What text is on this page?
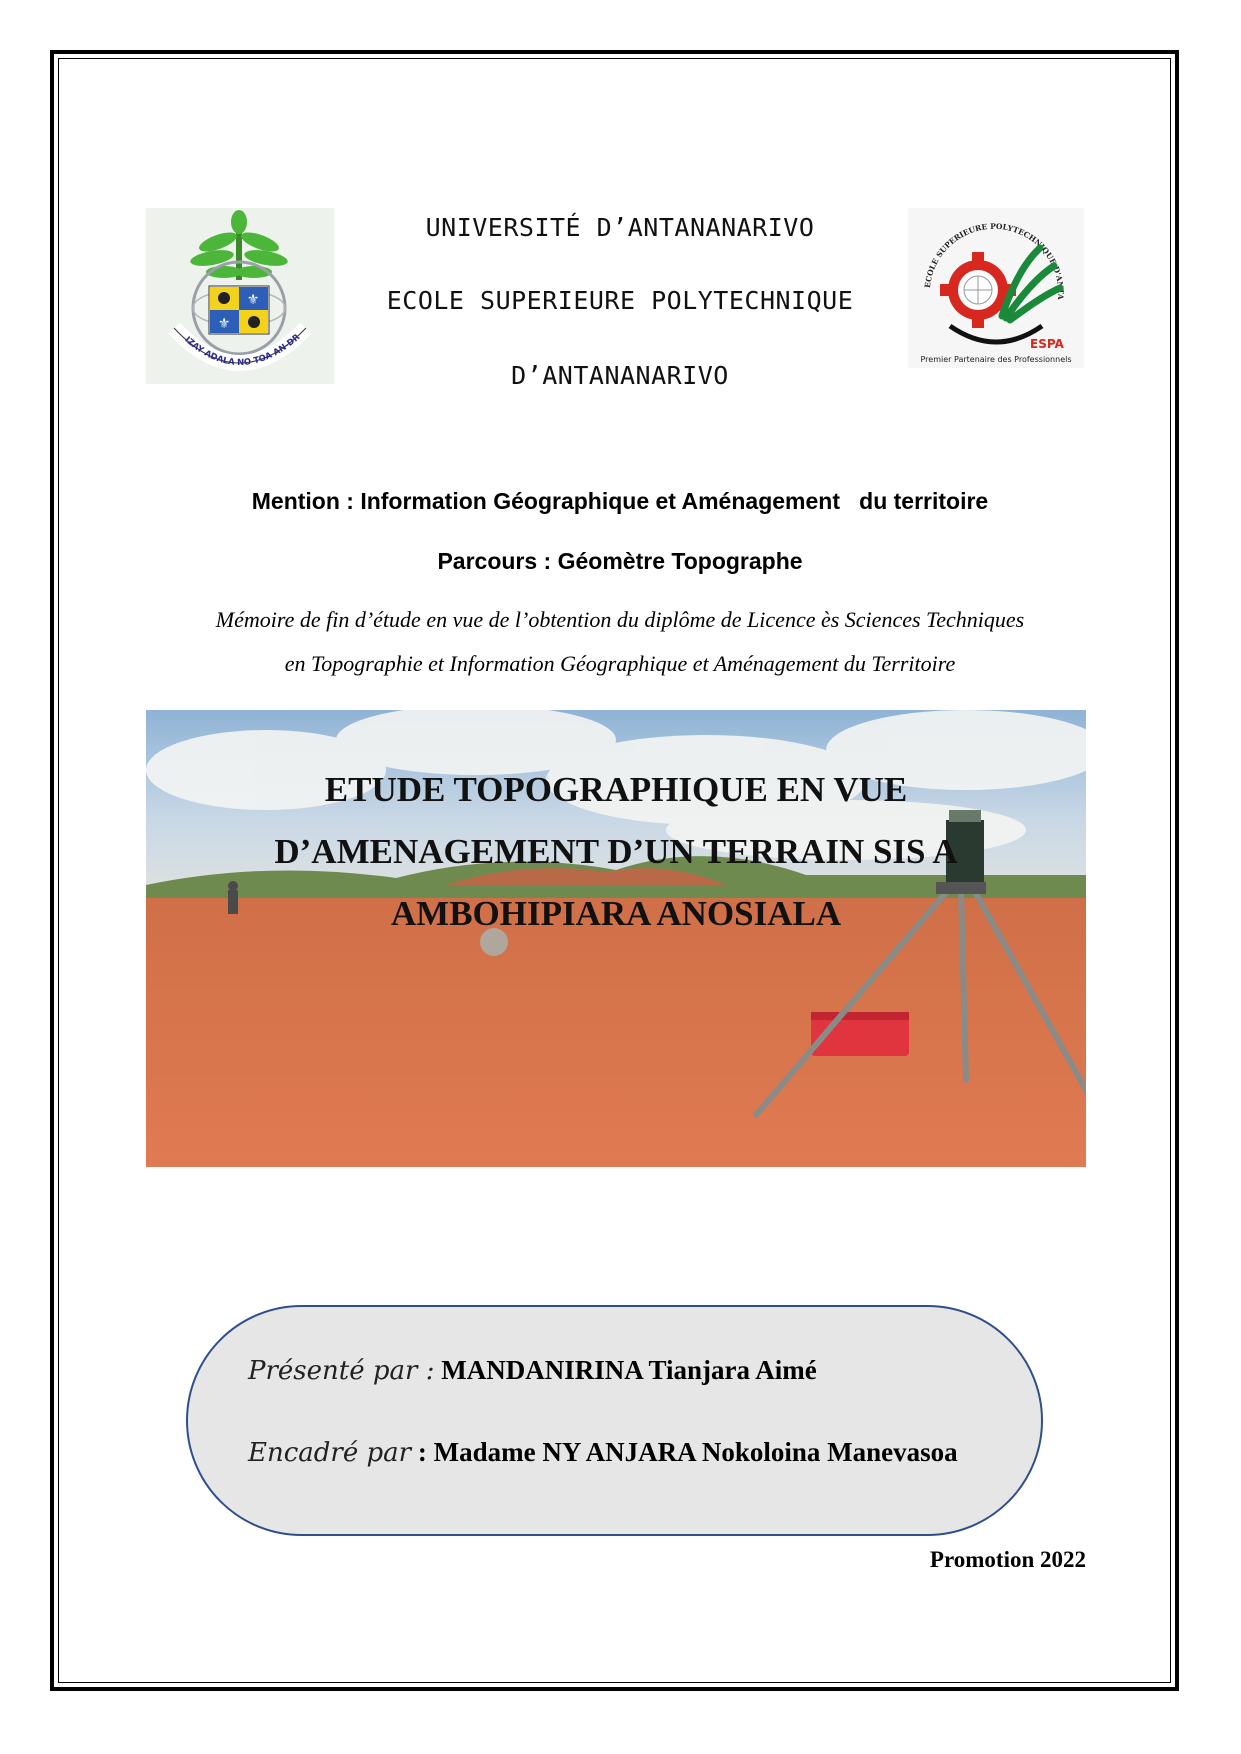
⚜
⚜
IZAY ADALA NO TOA AN-DR
UNIVERSITÉ D’ANTANANARIVO
ECOLE SUPERIEURE POLYTECHNIQUE
D’ANTANANARIVO
ECOLE SUPERIEURE POLYTECHNIQUE D'ANTA
ESPA
Premier Partenaire des Professionnels
Mention : Information Géographique et Aménagement   du territoire
Parcours : Géomètre Topographe
Mémoire de fin d’étude en vue de l’obtention du diplôme de Licence ès Sciences Techniques
en Topographie et Information Géographique et Aménagement du Territoire
ETUDE TOPOGRAPHIQUE EN VUE
D’AMENAGEMENT D’UN TERRAIN SIS A
AMBOHIPIARA ANOSIALA
Présenté par : MANDANIRINA Tianjara Aimé
Encadré par : Madame NY ANJARA Nokoloina Manevasoa
Promotion 2022
